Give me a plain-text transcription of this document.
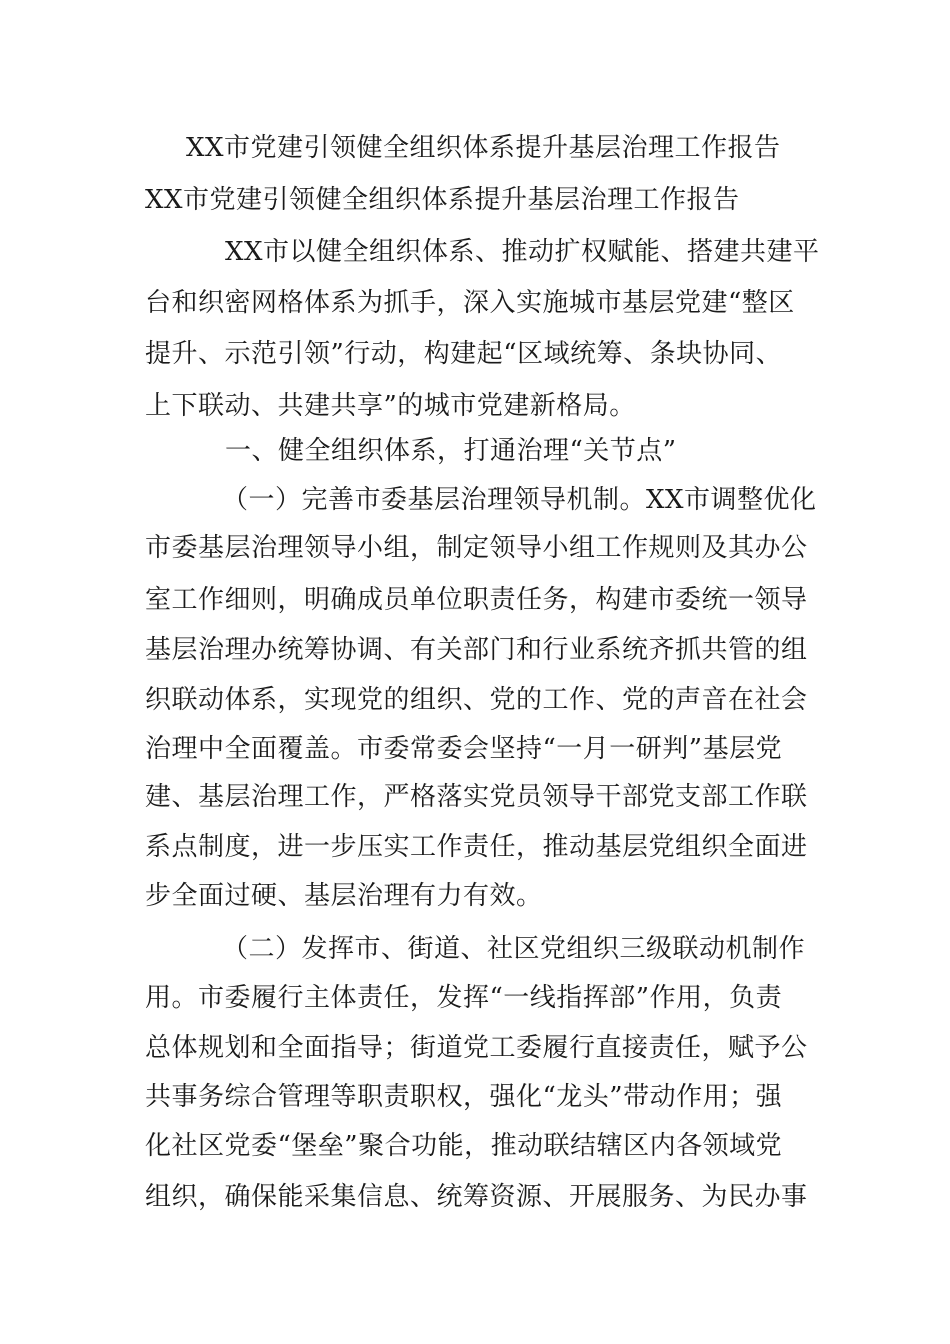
XX市党建引领健全组织体系提升基层治理工作报告
XX市党建引领健全组织体系提升基层治理工作报告
XX市以健全组织体系、推动扩权赋能、搭建共建平
台和织密网格体系为抓手，深入实施城市基层党建“整区
提升、示范引领”行动，构建起“区域统筹、条块协同、
上下联动、共建共享”的城市党建新格局。
一、健全组织体系，打通治理“关节点”
（一）完善市委基层治理领导机制。XX市调整优化
市委基层治理领导小组，制定领导小组工作规则及其办公
室工作细则，明确成员单位职责任务，构建市委统一领导
基层治理办统筹协调、有关部门和行业系统齐抓共管的组
织联动体系，实现党的组织、党的工作、党的声音在社会
治理中全面覆盖。市委常委会坚持“一月一研判”基层党
建、基层治理工作，严格落实党员领导干部党支部工作联
系点制度，进一步压实工作责任，推动基层党组织全面进
步全面过硬、基层治理有力有效。
（二）发挥市、街道、社区党组织三级联动机制作
用。市委履行主体责任，发挥“一线指挥部”作用，负责
总体规划和全面指导；街道党工委履行直接责任，赋予公
共事务综合管理等职责职权，强化“龙头”带动作用；强
化社区党委“堡垒”聚合功能，推动联结辖区内各领域党
组织，确保能采集信息、统筹资源、开展服务、为民办事
